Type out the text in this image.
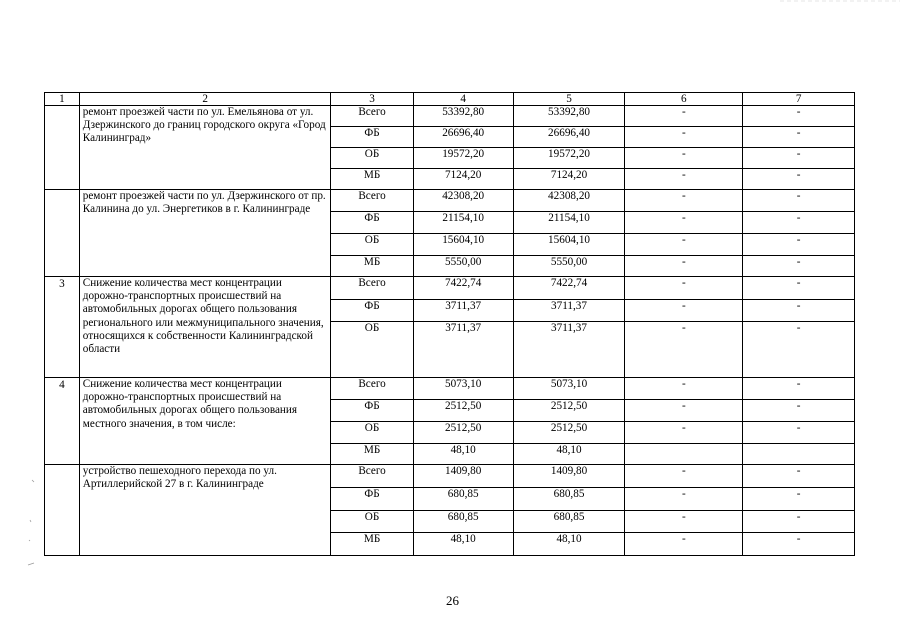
1	2	3	4	5	6	7
	ремонт проезжей части по ул. Емельянова от ул. Дзержинского до границ городского округа «Город Калининград»	Всего	53392,80	53392,80	-	-
		ФБ	26696,40	26696,40	-	-
		ОБ	19572,20	19572,20	-	-
		МБ	7124,20	7124,20	-	-
	ремонт проезжей части по ул. Дзержинского от пр. Калинина до ул. Энергетиков в г. Калининграде	Всего	42308,20	42308,20	-	-
		ФБ	21154,10	21154,10	-	-
		ОБ	15604,10	15604,10	-	-
		МБ	5550,00	5550,00	-	-
3	Снижение количества мест концентрации дорожно-транспортных происшествий на автомобильных дорогах общего пользования регионального или межмуниципального значения, относящихся к собственности Калининградской области	Всего	7422,74	7422,74	-	-
		ФБ	3711,37	3711,37	-	-
		ОБ	3711,37	3711,37	-	-
4	Снижение количества мест концентрации дорожно-транспортных происшествий на автомобильных дорогах общего пользования местного значения, в том числе:	Всего	5073,10	5073,10	-	-
		ФБ	2512,50	2512,50	-	-
		ОБ	2512,50	2512,50	-	-
		МБ	48,10	48,10		
	устройство пешеходного перехода по ул. Артиллерийской 27 в г. Калининграде	Всего	1409,80	1409,80	-	-
		ФБ	680,85	680,85	-	-
		ОБ	680,85	680,85	-	-
		МБ	48,10	48,10	-	-
26
